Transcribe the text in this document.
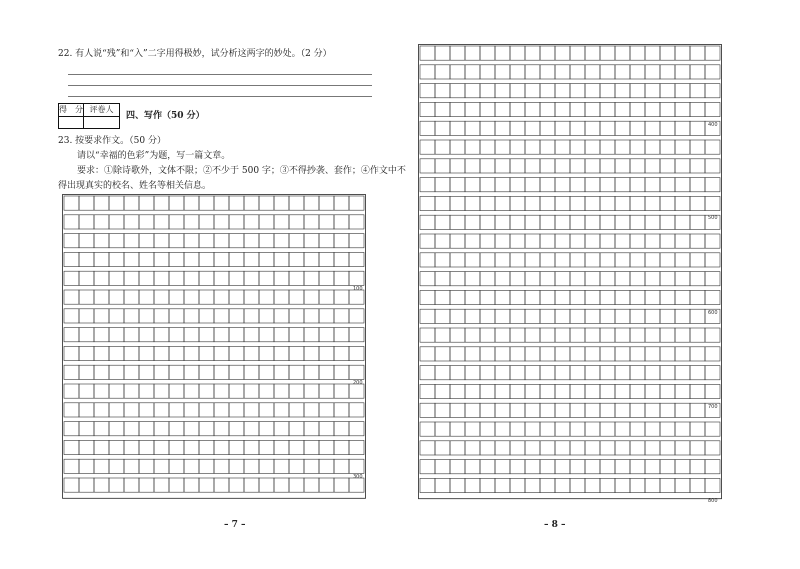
22. 有人说“残”和“入”二字用得极妙，试分析这两字的妙处。（2 分）
得　分 评卷人
四、写作（50 分）
23. 按要求作文。（50 分）
请以“幸福的色彩”为题，写一篇文章。
要求：①除诗歌外，文体不限；②不少于 500 字；③不得抄袭、套作；④作文中不
得出现真实的校名、姓名等相关信息。
100
200
300
– 7 –
400
500
600
700
800
– 8 –
